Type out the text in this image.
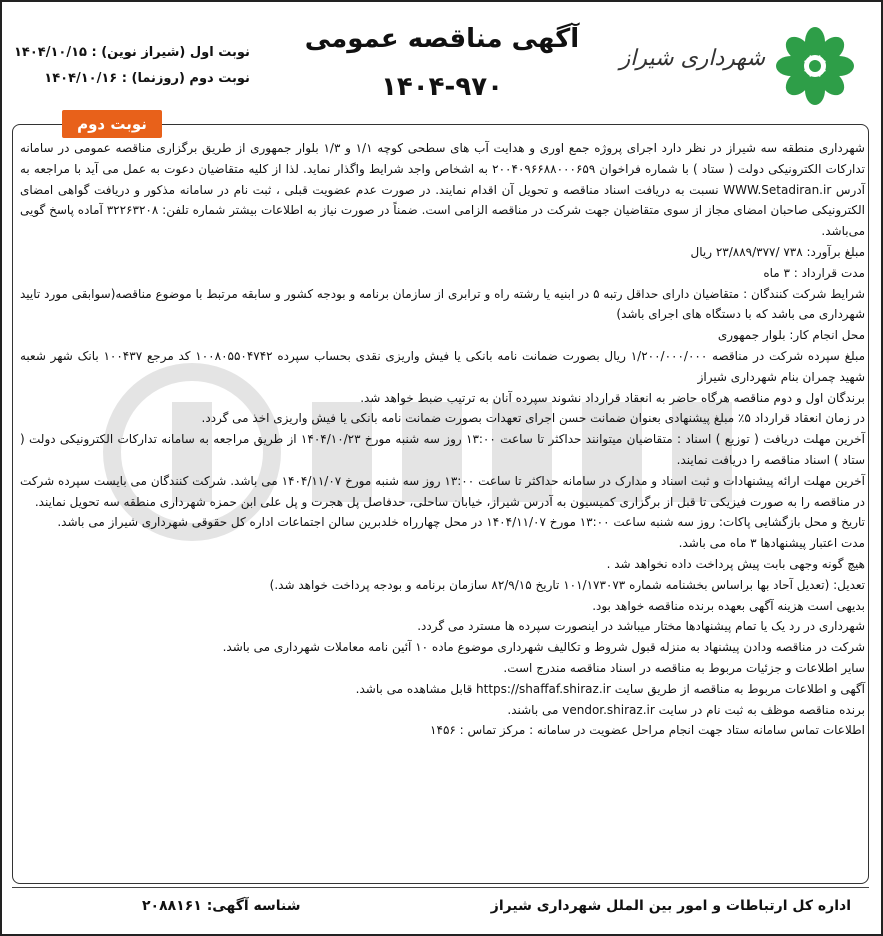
شهرداری شیراز
آگهی مناقصه عمومی
۱۴۰۴-۹۷۰
نوبت اول (شیراز نوین) : ۱۴۰۴/۱۰/۱۵
نوبت دوم (روزنما) : ۱۴۰۴/۱۰/۱۶
نوبت دوم

شهرداری منطقه سه شیراز در نظر دارد اجرای پروژه جمع اوری و هدایت آب های سطحی کوچه ۱/۱ و ۱/۳ بلوار جمهوری از طریق برگزاری مناقصه عمومی در سامانه تدارکات الکترونیکی دولت ( ستاد ) با شماره فراخوان ۲۰۰۴۰۹۶۶۸۸۰۰۰۶۵۹ به اشخاص واجد شرایط واگذار نماید. لذا از کلیه متقاضیان دعوت به عمل می آید با مراجعه به آدرس WWW.Setadiran.ir نسبت به دریافت اسناد مناقصه و تحویل آن اقدام نمایند. در صورت عدم عضویت قبلی ، ثبت نام در سامانه مذکور و دریافت گواهی امضای الکترونیکی صاحبان امضای مجاز از سوی متقاضیان جهت شرکت در مناقصه الزامی است. ضمناً در صورت نیاز به اطلاعات بیشتر شماره تلفن: ۳۲۲۶۳۲۰۸ آماده پاسخ گویی می‌باشد.

مبلغ برآورد: ۷۳۸ /۲۳/۸۸۹/۳۷۷ ریال

مدت قرارداد : ۳ ماه

شرایط شرکت کنندگان : متقاضیان دارای حداقل رتبه ۵ در ابنیه یا رشته راه و ترابری از سازمان برنامه و بودجه کشور و سابقه مرتبط با موضوع مناقصه(سوابقی مورد تایید شهرداری می باشد که با دستگاه های اجرای باشد)

محل انجام کار: بلوار جمهوری

مبلغ سپرده شرکت در مناقصه ۱/۲۰۰/۰۰۰/۰۰۰ ریال بصورت ضمانت نامه بانکی یا فیش واریزی نقدی بحساب سپرده ۱۰۰۸۰۵۵۰۴۷۴۲ کد مرجع ۱۰۰۴۳۷ بانک شهر شعبه شهید چمران بنام شهرداری شیراز

برندگان اول و دوم مناقصه هرگاه حاضر به انعقاد قرارداد نشوند سپرده آنان به ترتیب ضبط خواهد شد.

در زمان انعقاد قرارداد ۵٪ مبلغ پیشنهادی بعنوان ضمانت حسن اجرای تعهدات بصورت ضمانت نامه بانکی یا فیش واریزی اخذ می گردد.

آخرین مهلت دریافت ( توزیع ) اسناد : متقاضیان میتوانند حداکثر تا ساعت ۱۳:۰۰ روز سه شنبه مورخ ۱۴۰۴/۱۰/۲۳ از طریق مراجعه به سامانه تدارکات الکترونیکی دولت ( ستاد ) اسناد مناقصه را دریافت نمایند.

آخرین مهلت ارائه پیشنهادات و ثبت اسناد و مدارک در سامانه حداکثر تا ساعت ۱۳:۰۰ روز سه شنبه مورخ ۱۴۰۴/۱۱/۰۷ می باشد. شرکت کنندگان می بایست سپرده شرکت در مناقصه را به صورت فیزیکی تا قبل از برگزاری کمیسیون به آدرس شیراز، خیابان ساحلی، حدفاصل پل هجرت و پل علی ابن حمزه شهرداری منطقه سه تحویل نمایند.

تاریخ و محل بازگشایی پاکات: روز سه شنبه ساعت ۱۳:۰۰ مورخ ۱۴۰۴/۱۱/۰۷ در محل چهارراه خلدبرین سالن اجتماعات اداره کل حقوقی شهرداری شیراز می باشد.

مدت اعتبار پیشنهادها ۳ ماه می باشد.

هیچ گونه وجهی بابت پیش پرداخت داده نخواهد شد .

تعدیل: (تعدیل آحاد بها براساس بخشنامه شماره ۱۰۱/۱۷۳۰۷۳ تاریخ ۸۲/۹/۱۵ سازمان برنامه و بودجه پرداخت خواهد شد.)

بدیهی است هزینه آگهی بعهده برنده مناقصه خواهد بود.

شهرداری در رد یک یا تمام پیشنهادها مختار میباشد در اینصورت سپرده ها مسترد می گردد.

شرکت در مناقصه ودادن پیشنهاد به منزله قبول شروط و تکالیف شهرداری موضوع ماده ۱۰ آئین نامه معاملات شهرداری می باشد.

سایر اطلاعات و جزئیات مربوط به مناقصه در اسناد مناقصه مندرج است.

آگهی و اطلاعات مربوط به مناقصه از طریق سایت https://shaffaf.shiraz.ir قابل مشاهده می باشد.

برنده مناقصه موظف به ثبت نام در سایت vendor.shiraz.ir می باشند.

اطلاعات تماس سامانه ستاد جهت انجام مراحل عضویت در سامانه : مرکز تماس : ۱۴۵۶

اداره کل ارتباطات و امور بین الملل شهرداری شیراز
شناسه آگهی: ۲۰۸۸۱۶۱
